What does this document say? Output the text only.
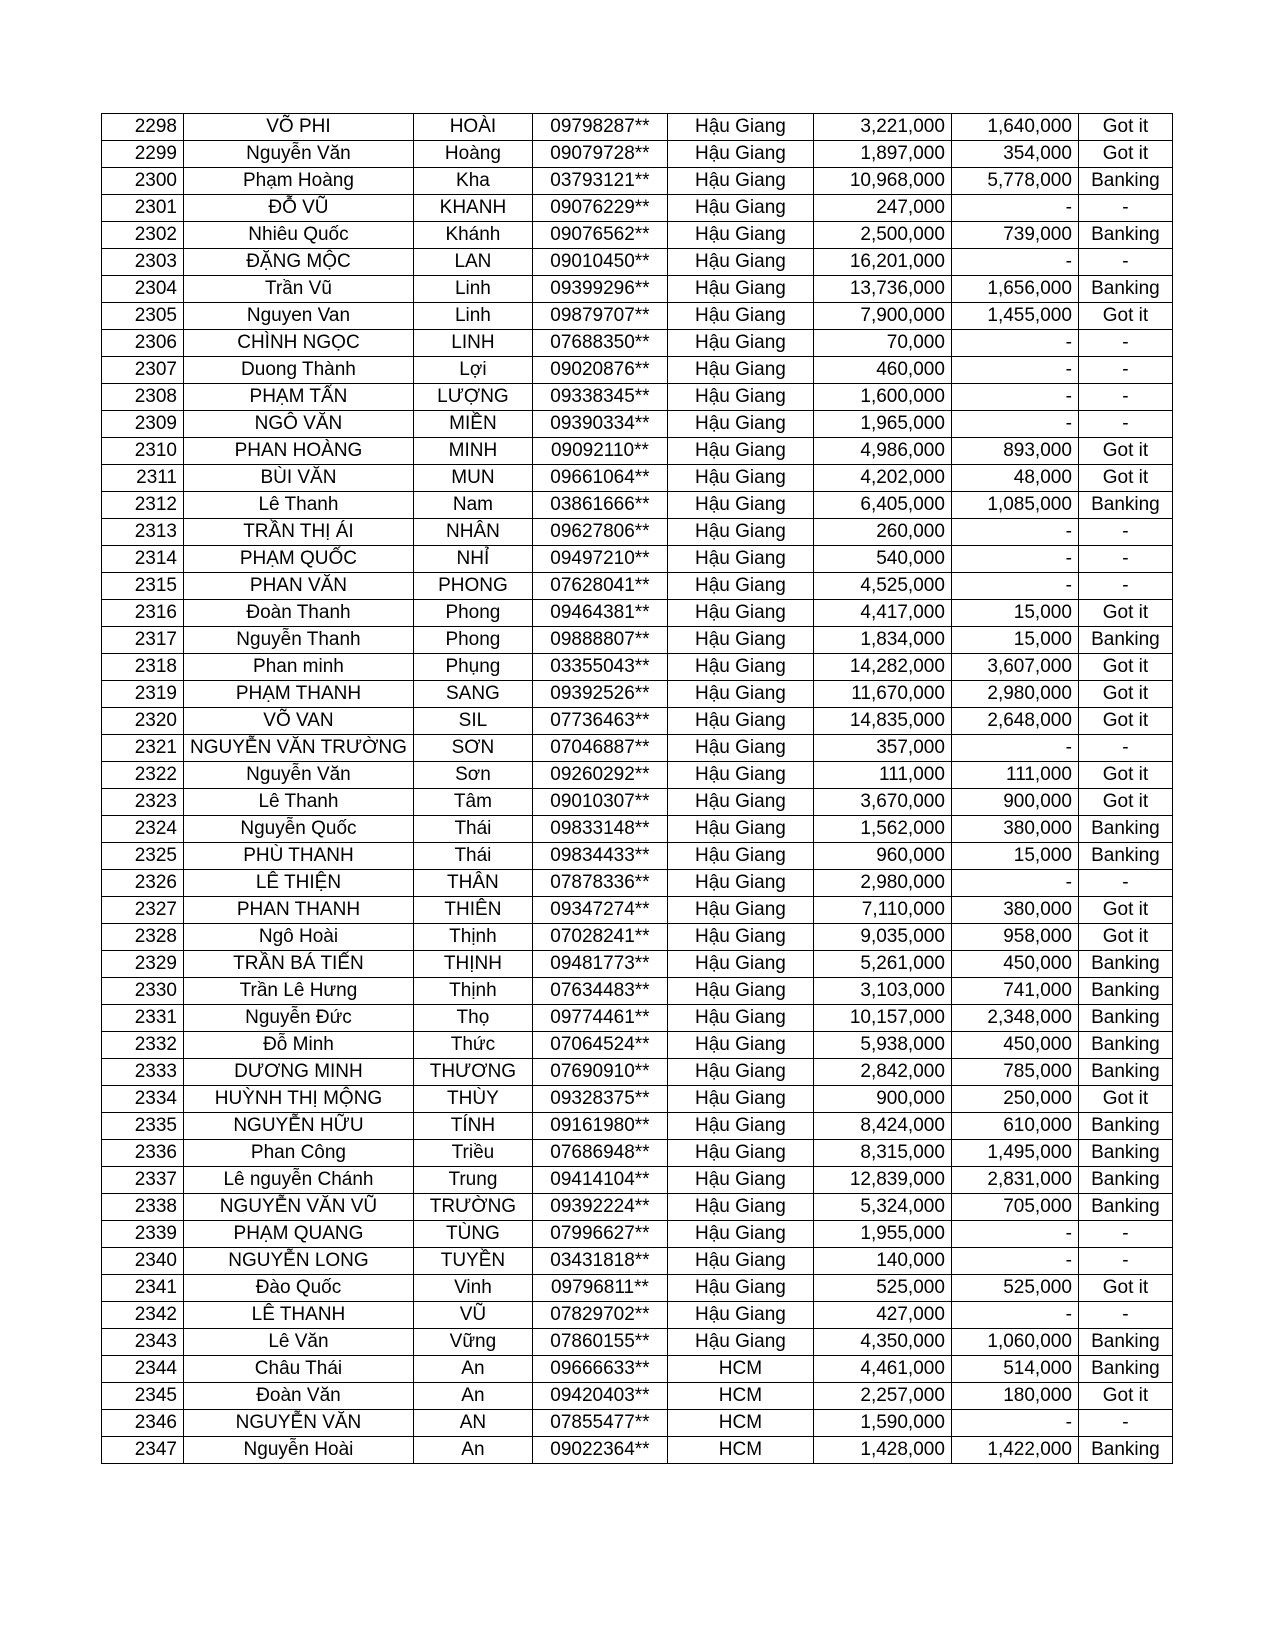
2298	VÕ PHI	HOÀI	09798287**	Hậu Giang	3,221,000	1,640,000	Got it
2299	Nguyễn Văn	Hoàng	09079728**	Hậu Giang	1,897,000	354,000	Got it
2300	Phạm Hoàng	Kha	03793121**	Hậu Giang	10,968,000	5,778,000	Banking
2301	ĐỖ VŨ	KHANH	09076229**	Hậu Giang	247,000	-	-
2302	Nhiêu Quốc	Khánh	09076562**	Hậu Giang	2,500,000	739,000	Banking
2303	ĐẶNG MỘC	LAN	09010450**	Hậu Giang	16,201,000	-	-
2304	Trần Vũ	Linh	09399296**	Hậu Giang	13,736,000	1,656,000	Banking
2305	Nguyen Van	Linh	09879707**	Hậu Giang	7,900,000	1,455,000	Got it
2306	CHÌNH NGỌC	LINH	07688350**	Hậu Giang	70,000	-	-
2307	Duong Thành	Lợi	09020876**	Hậu Giang	460,000	-	-
2308	PHẠM TẤN	LƯỢNG	09338345**	Hậu Giang	1,600,000	-	-
2309	NGÔ VĂN	MIỀN	09390334**	Hậu Giang	1,965,000	-	-
2310	PHAN HOÀNG	MINH	09092110**	Hậu Giang	4,986,000	893,000	Got it
2311	BÙI VĂN	MUN	09661064**	Hậu Giang	4,202,000	48,000	Got it
2312	Lê Thanh	Nam	03861666**	Hậu Giang	6,405,000	1,085,000	Banking
2313	TRẦN THỊ ÁI	NHÂN	09627806**	Hậu Giang	260,000	-	-
2314	PHẠM QUỐC	NHỈ	09497210**	Hậu Giang	540,000	-	-
2315	PHAN VĂN	PHONG	07628041**	Hậu Giang	4,525,000	-	-
2316	Đoàn Thanh	Phong	09464381**	Hậu Giang	4,417,000	15,000	Got it
2317	Nguyễn Thanh	Phong	09888807**	Hậu Giang	1,834,000	15,000	Banking
2318	Phan minh	Phụng	03355043**	Hậu Giang	14,282,000	3,607,000	Got it
2319	PHẠM THANH	SANG	09392526**	Hậu Giang	11,670,000	2,980,000	Got it
2320	VÕ VAN	SIL	07736463**	Hậu Giang	14,835,000	2,648,000	Got it
2321	NGUYỄN VĂN TRƯỜNG	SƠN	07046887**	Hậu Giang	357,000	-	-
2322	Nguyễn Văn	Sơn	09260292**	Hậu Giang	111,000	111,000	Got it
2323	Lê Thanh	Tâm	09010307**	Hậu Giang	3,670,000	900,000	Got it
2324	Nguyễn Quốc	Thái	09833148**	Hậu Giang	1,562,000	380,000	Banking
2325	PHÙ THANH	Thái	09834433**	Hậu Giang	960,000	15,000	Banking
2326	LÊ THIỆN	THÂN	07878336**	Hậu Giang	2,980,000	-	-
2327	PHAN THANH	THIÊN	09347274**	Hậu Giang	7,110,000	380,000	Got it
2328	Ngô Hoài	Thịnh	07028241**	Hậu Giang	9,035,000	958,000	Got it
2329	TRẦN BÁ TIẾN	THỊNH	09481773**	Hậu Giang	5,261,000	450,000	Banking
2330	Trần Lê Hưng	Thịnh	07634483**	Hậu Giang	3,103,000	741,000	Banking
2331	Nguyễn Đức	Thọ	09774461**	Hậu Giang	10,157,000	2,348,000	Banking
2332	Đỗ Minh	Thức	07064524**	Hậu Giang	5,938,000	450,000	Banking
2333	DƯƠNG MINH	THƯƠNG	07690910**	Hậu Giang	2,842,000	785,000	Banking
2334	HUỲNH THỊ MỘNG	THÙY	09328375**	Hậu Giang	900,000	250,000	Got it
2335	NGUYỄN HỮU	TÍNH	09161980**	Hậu Giang	8,424,000	610,000	Banking
2336	Phan Công	Triều	07686948**	Hậu Giang	8,315,000	1,495,000	Banking
2337	Lê nguyễn Chánh	Trung	09414104**	Hậu Giang	12,839,000	2,831,000	Banking
2338	NGUYỄN VĂN VŨ	TRƯỜNG	09392224**	Hậu Giang	5,324,000	705,000	Banking
2339	PHẠM QUANG	TÙNG	07996627**	Hậu Giang	1,955,000	-	-
2340	NGUYỄN LONG	TUYỀN	03431818**	Hậu Giang	140,000	-	-
2341	Đào Quốc	Vinh	09796811**	Hậu Giang	525,000	525,000	Got it
2342	LÊ THANH	VŨ	07829702**	Hậu Giang	427,000	-	-
2343	Lê Văn	Vững	07860155**	Hậu Giang	4,350,000	1,060,000	Banking
2344	Châu Thái	An	09666633**	HCM	4,461,000	514,000	Banking
2345	Đoàn Văn	An	09420403**	HCM	2,257,000	180,000	Got it
2346	NGUYỄN VĂN	AN	07855477**	HCM	1,590,000	-	-
2347	Nguyễn Hoài	An	09022364**	HCM	1,428,000	1,422,000	Banking
